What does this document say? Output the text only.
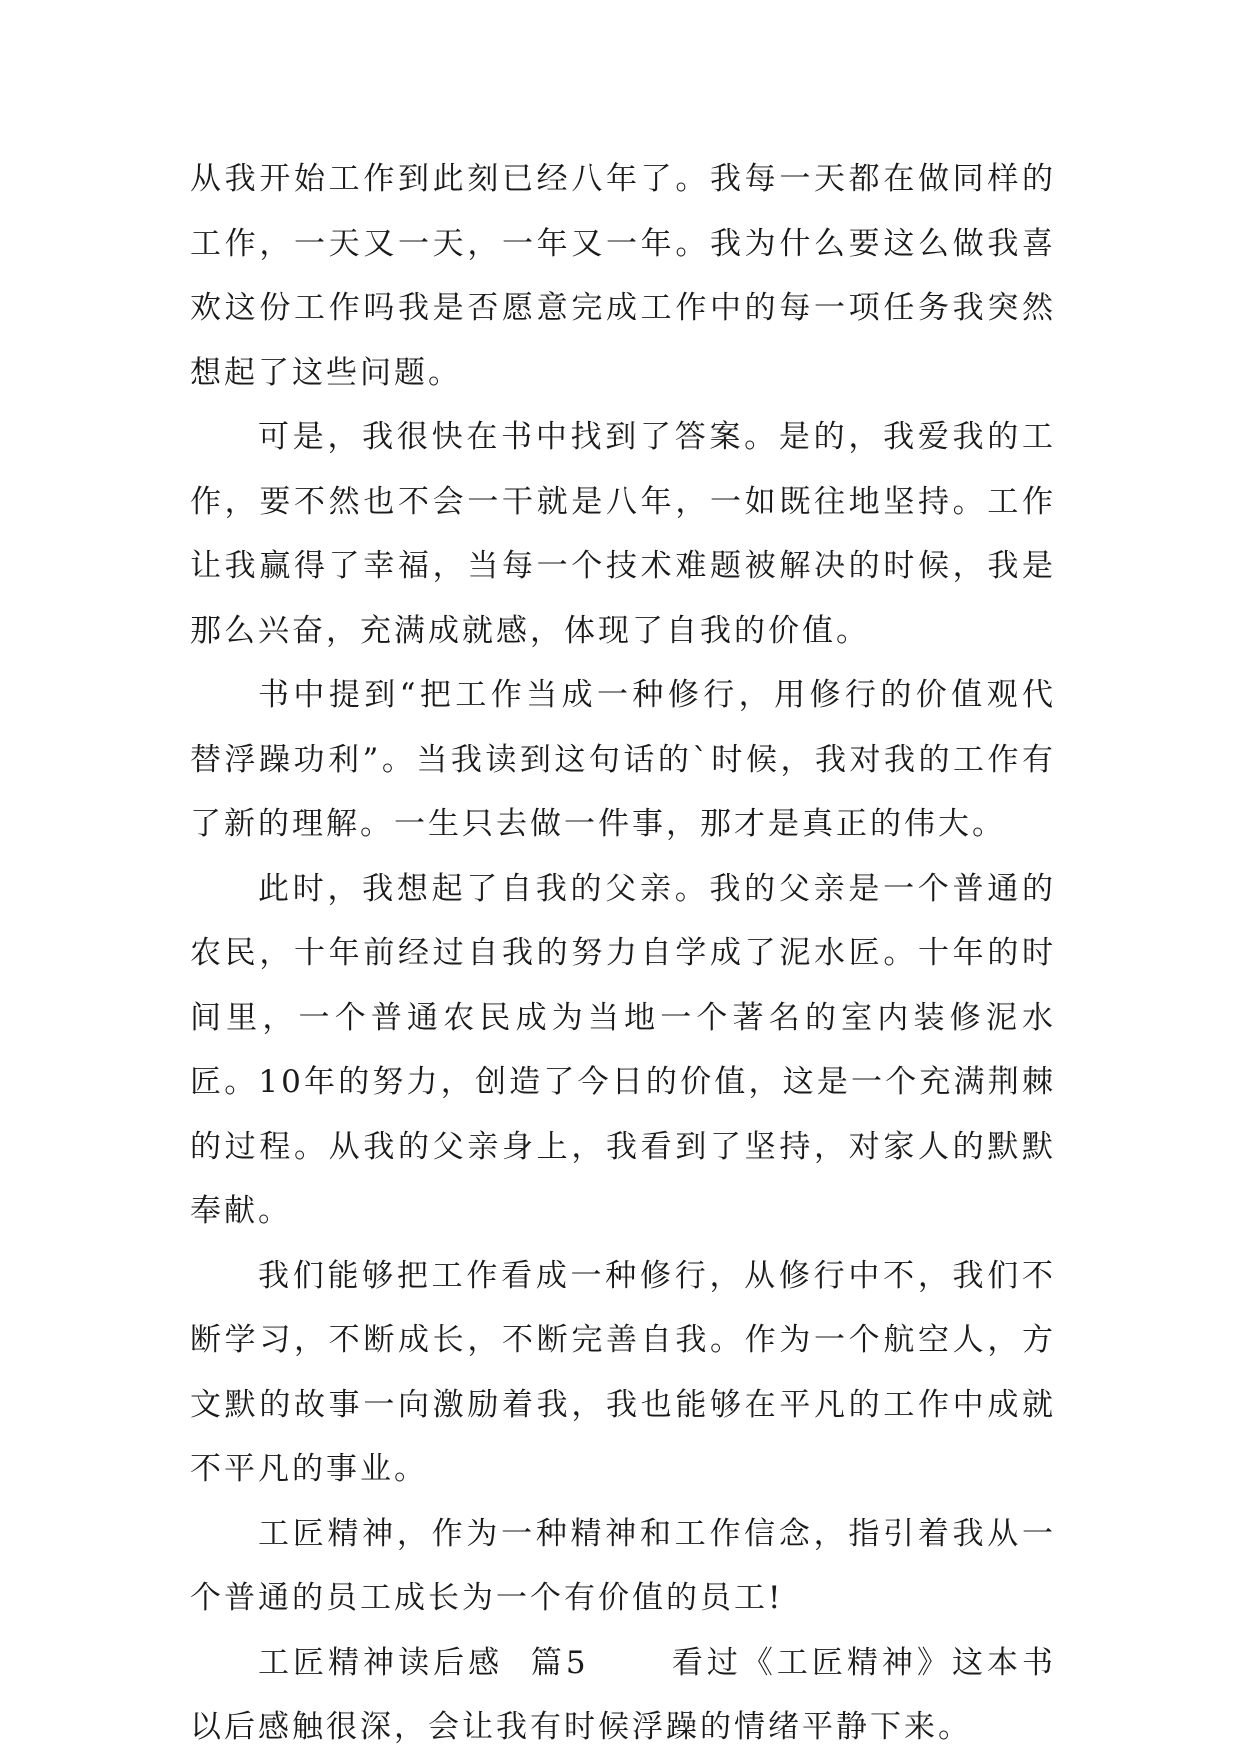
从我开始工作到此刻已经八年了。我每一天都在做同样的工作，一天又一天，一年又一年。我为什么要这么做我喜欢这份工作吗我是否愿意完成工作中的每一项任务我突然想起了这些问题。

可是，我很快在书中找到了答案。是的，我爱我的工作，要不然也不会一干就是八年，一如既往地坚持。工作让我赢得了幸福，当每一个技术难题被解决的时候，我是那么兴奋，充满成就感，体现了自我的价值。

书中提到“把工作当成一种修行，用修行的价值观代替浮躁功利”。当我读到这句话的`时候，我对我的工作有了新的理解。一生只去做一件事，那才是真正的伟大。

此时，我想起了自我的父亲。我的父亲是一个普通的农民，十年前经过自我的努力自学成了泥水匠。十年的时间里，一个普通农民成为当地一个著名的室内装修泥水匠。10年的努力，创造了今日的价值，这是一个充满荆棘的过程。从我的父亲身上，我看到了坚持，对家人的默默奉献。

我们能够把工作看成一种修行，从修行中不，我们不断学习，不断成长，不断完善自我。作为一个航空人，方文默的故事一向激励着我，我也能够在平凡的工作中成就不平凡的事业。

工匠精神，作为一种精神和工作信念，指引着我从一个普通的员工成长为一个有价值的员工!

工匠精神读后感  篇5      看过《工匠精神》这本书以后感触很深，会让我有时候浮躁的情绪平静下来。
